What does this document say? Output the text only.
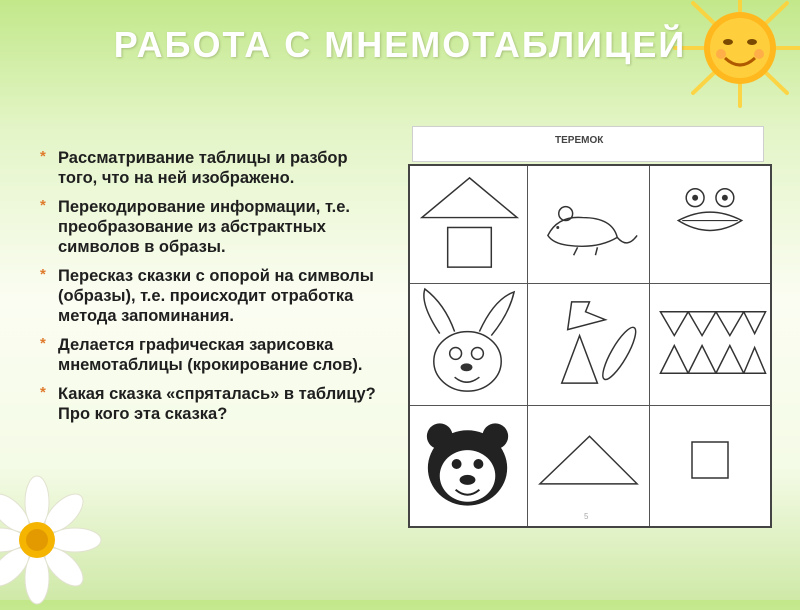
РАБОТА С МНЕМОТАБЛИЦЕЙ
* Рассматривание таблицы и разбор того, что на ней изображено.
* Перекодирование информации, т.е. преобразование из абстрактных символов в образы.
* Пересказ сказки с опорой на символы (образы), т.е. происходит отработка метода запоминания.
* Делается графическая зарисовка мнемотаблицы (крокирование слов).
* Какая сказка «спряталась» в таблицу? Про кого эта сказка?
ТЕРЕМОК
5
